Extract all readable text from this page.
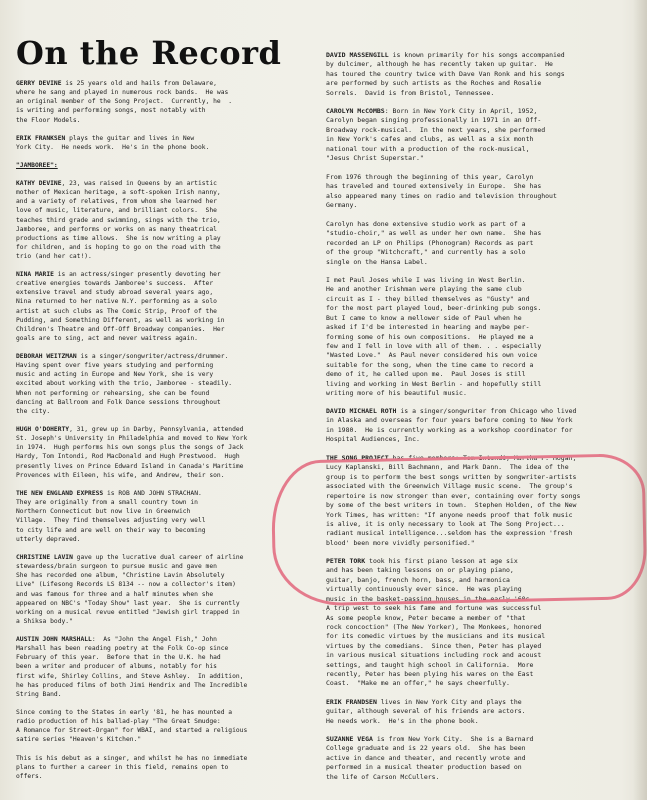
On the Record

GERRY DEVINE is 25 years old and hails from Delaware,
where he sang and played in numerous rock bands.  He was
an original member of the Song Project.  Currently, he  .
is writing and performing songs, most notably with
the Floor Models.

ERIK FRANKSEN plays the guitar and lives in New
York City.  He needs work.  He's in the phone book.

"JAMBOREE":

KATHY DEVINE, 23, was raised in Queens by an artistic
mother of Mexican heritage, a soft-spoken Irish nanny,
and a variety of relatives, from whom she learned her
love of music, literature, and brilliant colors.  She
teaches third grade and swimming, sings with the trio,
Jamboree, and performs or works on as many theatrical
productions as time allows.  She is now writing a play
for children, and is hoping to go on the road with the
trio (and her cat!).

NINA MARIE is an actress/singer presently devoting her
creative energies towards Jamboree's success.  After
extensive travel and study abroad several years ago,
Nina returned to her native N.Y. performing as a solo
artist at such clubs as The Comic Strip, Proof of the
Pudding, and Something Different, as well as working in
Children's Theatre and Off-Off Broadway companies.  Her
goals are to sing, act and never waitress again.

DEBORAH WEITZMAN is a singer/songwriter/actress/drummer.
Having spent over five years studying and performing
music and acting in Europe and New York, she is very
excited about working with the trio, Jamboree - steadily.
When not performing or rehearsing, she can be found
dancing at Ballroom and Folk Dance sessions throughout
the city.

HUGH O'DOHERTY, 31, grew up in Darby, Pennsylvania, attended
St. Joseph's University in Philadelphia and moved to New York
in 1974.  Hugh performs his own songs plus the songs of Jack
Hardy, Tom Intondi, Rod MacDonald and Hugh Prestwood.  Hugh
presently lives on Prince Edward Island in Canada's Maritime
Provences with Eileen, his wife, and Andrew, their son.

THE NEW ENGLAND EXPRESS is ROB AND JOHN STRACHAN.
They are originally from a small country town in
Northern Connecticut but now live in Greenwich
Village.  They find themselves adjusting very well
to city life and are well on their way to becoming
utterly depraved.

CHRISTINE LAVIN gave up the lucrative dual career of airline
stewardess/brain surgeon to pursue music and gave men
She has recorded one album, "Christine Lavin Absolutely
Live" (Lifesong Records LS 8134 -- now a collector's item)
and was famous for three and a half minutes when she
appeared on NBC's "Today Show" last year.  She is currently
working on a musical revue entitled "Jewish girl trapped in
a Shiksa body."

AUSTIN JOHN MARSHALL:  As "John the Angel Fish," John
Marshall has been reading poetry at the Folk Co-op since
February of this year.  Before that in the U.K. he had
been a writer and producer of albums, notably for his
first wife, Shirley Collins, and Steve Ashley.  In addition,
he has produced films of both Jimi Hendrix and The Incredible
String Band.

Since coming to the States in early '81, he has mounted a
radio production of his ballad-play "The Great Smudge:
A Romance for Street-Organ" for WBAI, and started a religious
satire series "Heaven's Kitchen."

This is his debut as a singer, and whilst he has no immediate
plans to further a career in this field, remains open to
offers.

DAVID MASSENGILL is known primarily for his songs accompanied
by dulcimer, although he has recently taken up guitar.  He
has toured the country twice with Dave Van Ronk and his songs
are performed by such artists as the Roches and Rosalie
Sorrels.  David is from Bristol, Tennessee.

CAROLYN McCOMBS: Born in New York City in April, 1952,
Carolyn began singing professionally in 1971 in an Off-
Broadway rock-musical.  In the next years, she performed
in New York's cafes and clubs, as well as a six month
national tour with a production of the rock-musical,
"Jesus Christ Superstar."

From 1976 through the beginning of this year, Carolyn
has traveled and toured extensively in Europe.  She has
also appeared many times on radio and television throughout
Germany.

Carolyn has done extensive studio work as part of a
"studio-choir," as well as under her own name.  She has
recorded an LP on Philips (Phonogram) Records as part
of the group "Witchcraft," and currently has a solo
single on the Hansa Label.

I met Paul Joses while I was living in West Berlin.
He and another Irishman were playing the same club
circuit as I - they billed themselves as "Gusty" and
for the most part played loud, beer-drinking pub songs.
But I came to know a mellower side of Paul when he
asked if I'd be interested in hearing and maybe per-
forming some of his own compositions.  He played me a
few and I fell in love with all of them. . . especially
"Wasted Love."  As Paul never considered his own voice
suitable for the song, when the time came to record a
demo of it, he called upon me.  Paul Joses is still
living and working in West Berlin - and hopefully still
writing more of his beautiful music.

DAVID MICHAEL ROTH is a singer/songwriter from Chicago who lived
in Alaska and overseas for four years before coming to New York
in 1980.  He is currently working as a workshop coordinator for
Hospital Audiences, Inc.

THE SONG PROJECT has five members: Tom Intondi, Martha P. Hogan,
Lucy Kaplanski, Bill Bachmann, and Mark Dann.  The idea of the
group is to perform the best songs written by songwriter-artists
associated with the Greenwich Village music scene.  The group's
repertoire is now stronger than ever, containing over forty songs
by some of the best writers in town.  Stephen Holden, of the New
York Times, has written: "If anyone needs proof that folk music
is alive, it is only necessary to look at The Song Project...
radiant musical intelligence...seldom has the expression 'fresh
blood' been more vividly personified."

PETER TORK took his first piano lesson at age six
and has been taking lessons on or playing piano,
guitar, banjo, french horn, bass, and harmonica
virtually continuously ever since.  He was playing
music in the basket-passing houses in the early '60s.
A trip west to seek his fame and fortune was successful
As some people know, Peter became a member of "that
rock concoction" (The New Yorker), The Monkees, honored
for its comedic virtues by the musicians and its musical
virtues by the comedians.  Since then, Peter has played
in various musical situations including rock and acoust
settings, and taught high school in California.  More
recently, Peter has been plying his wares on the East
Coast.  "Make me an offer," he says cheerfully.

ERIK FRANDSEN lives in New York City and plays the
guitar, although several of his friends are actors.
He needs work.  He's in the phone book.

SUZANNE VEGA is from New York City.  She is a Barnard
College graduate and is 22 years old.  She has been
active in dance and theater, and recently wrote and
performed in a musical theater production based on
the life of Carson McCullers.
